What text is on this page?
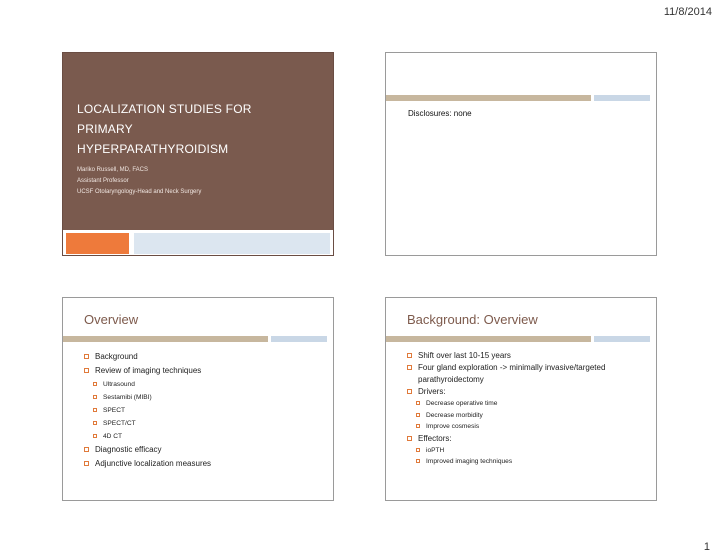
11/8/2014
LOCALIZATION STUDIES FOR
PRIMARY
HYPERPARATHYROIDISM
Mariko Russell, MD, FACS
Assistant Professor
UCSF Otolaryngology-Head and Neck Surgery
Disclosures: none
Overview
Background
Review of imaging techniques
Ultrasound
Sestamibi (MIBI)
SPECT
SPECT/CT
4D CT
Diagnostic efficacy
Adjunctive localization measures
Background: Overview
Shift over last 10-15 years
Four gland exploration -> minimally invasive/targeted parathyroidectomy
Drivers:
Decrease operative time
Decrease morbidity
Improve cosmesis
Effectors:
ioPTH
Improved imaging techniques
1
